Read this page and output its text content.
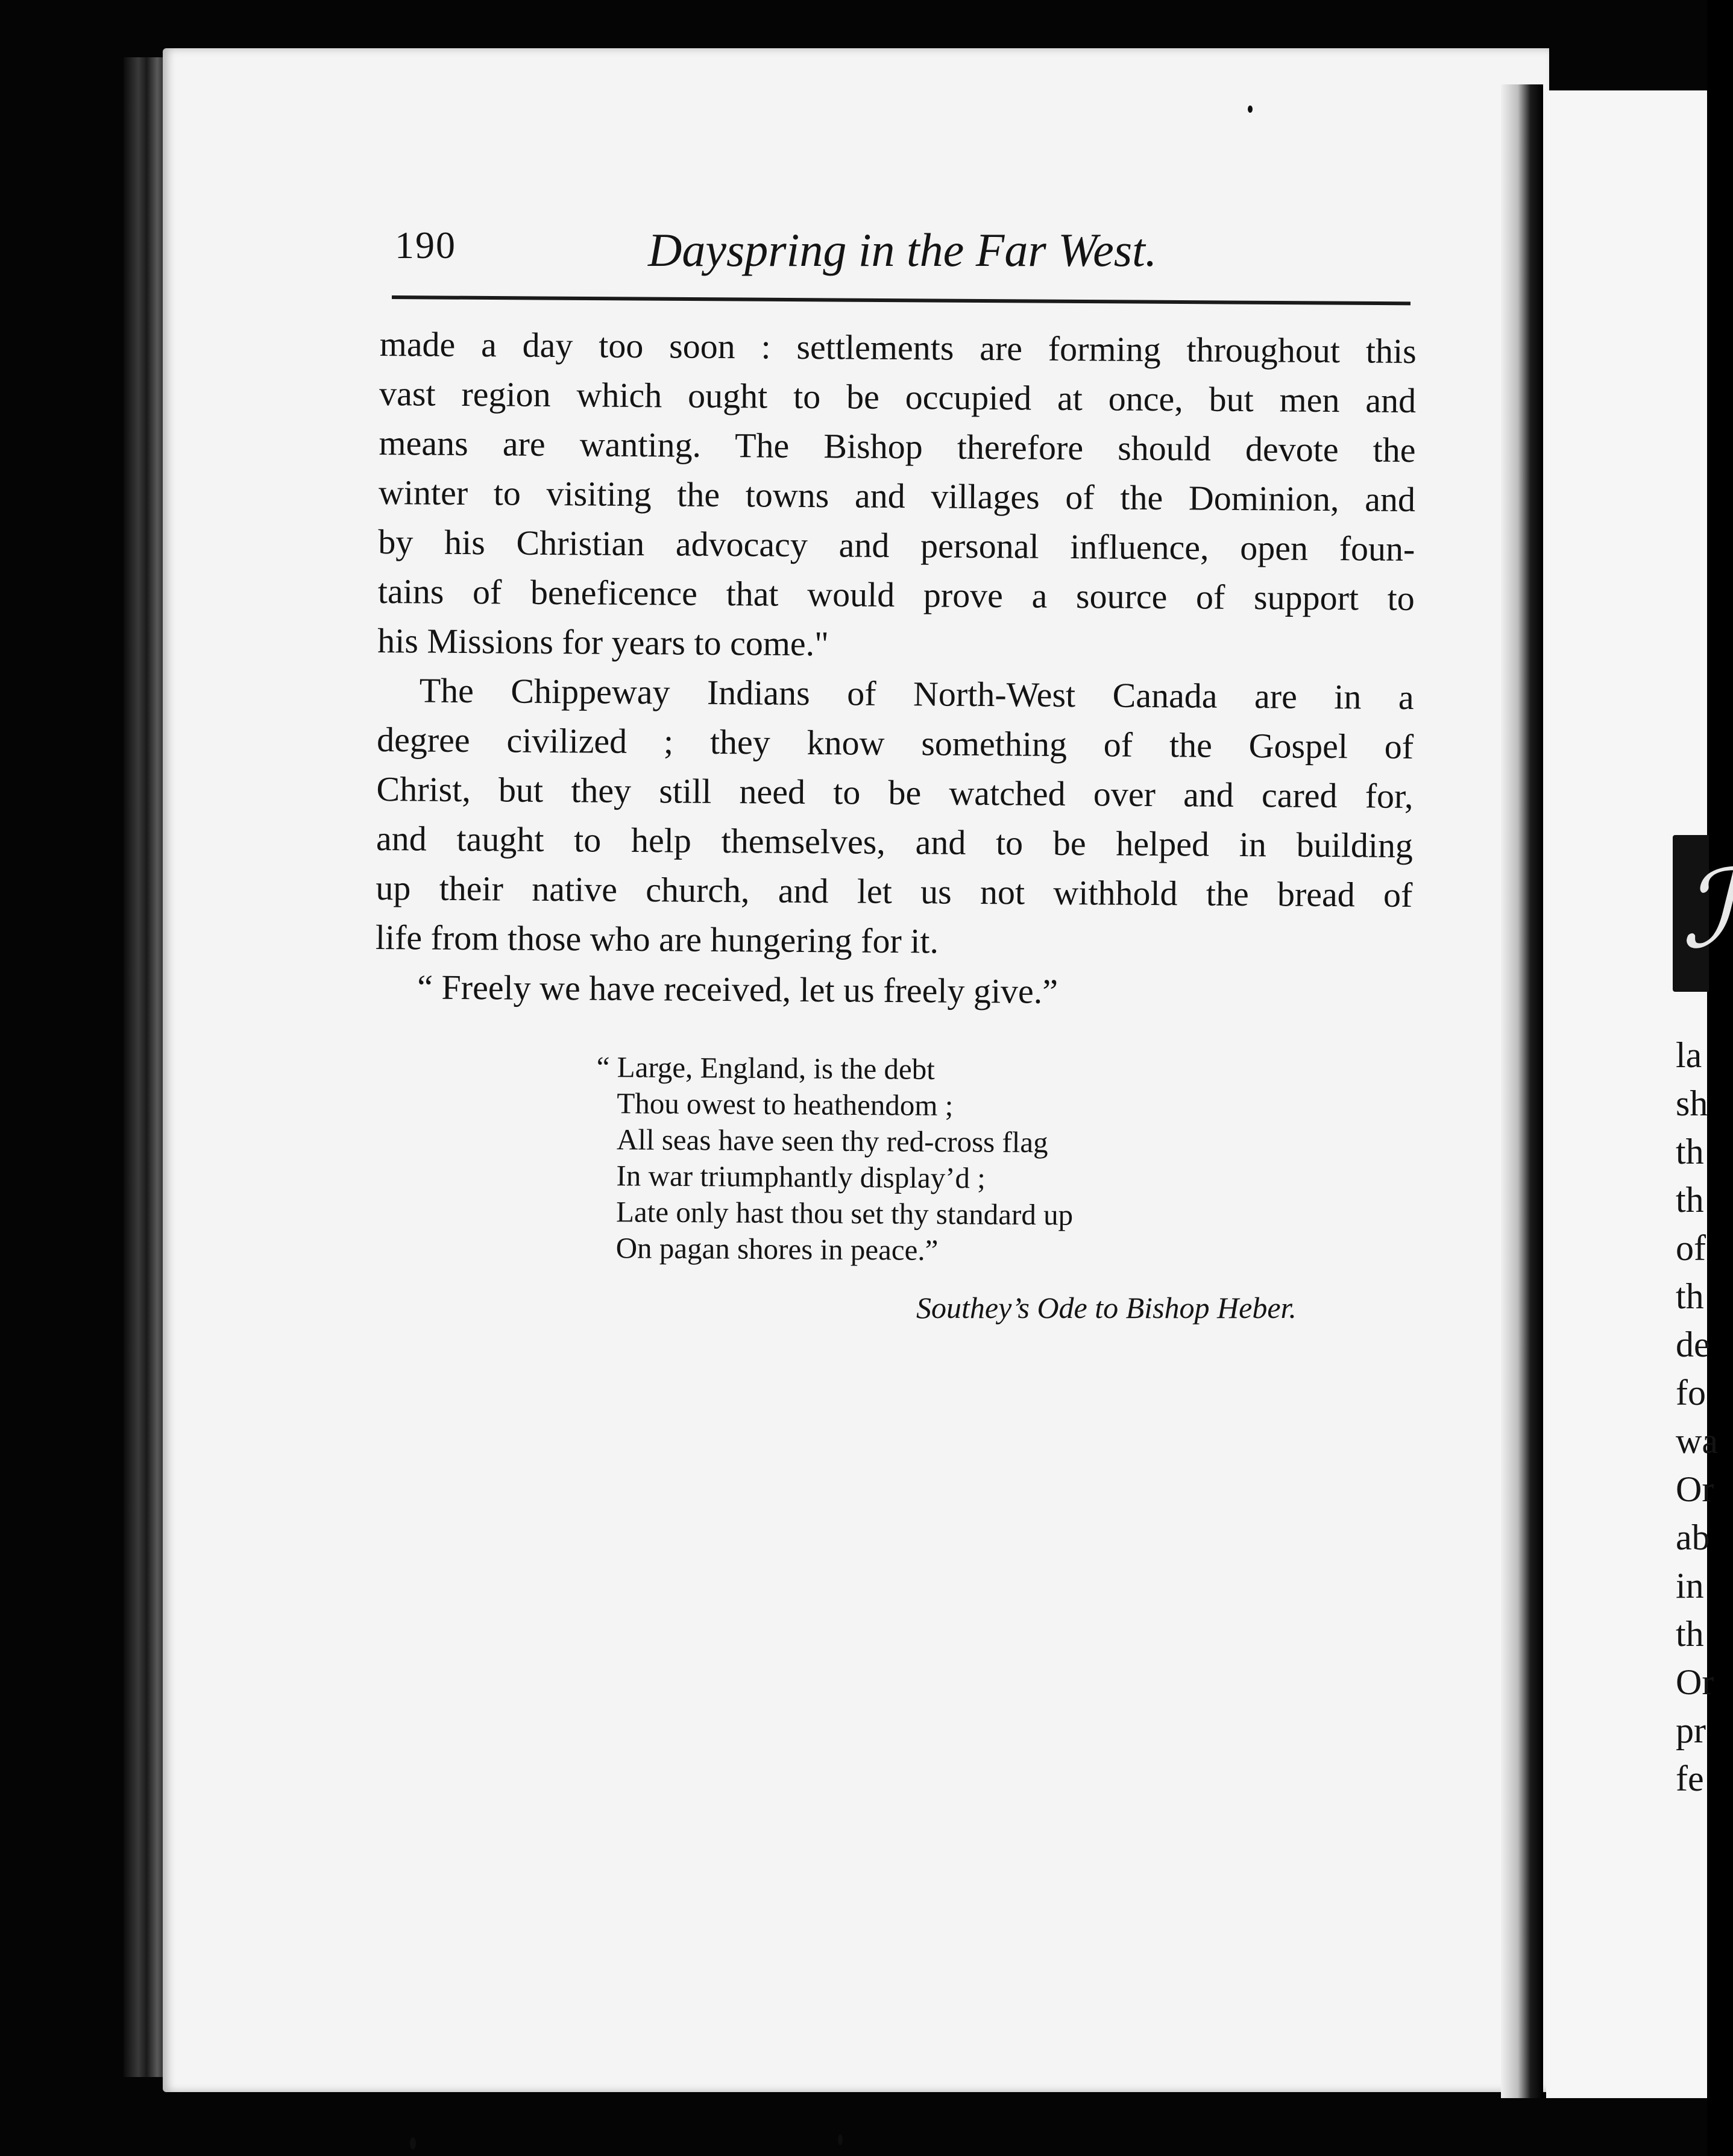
190	Dayspring in the Far West.
made a day too soon : settlements are forming throughout this
vast region which ought to be occupied at once, but men and
means are wanting. The Bishop therefore should devote the
winter to visiting the towns and villages of the Dominion, and
by his Christian advocacy and personal influence, open foun-
tains of beneficence that would prove a source of support to
his Missions for years to come."
The Chippeway Indians of North-West Canada are in a
degree civilized ; they know something of the Gospel of
Christ, but they still need to be watched over and cared for,
and taught to help themselves, and to be helped in building
up their native church, and let us not withhold the bread of
life from those who are hungering for it.
“ Freely we have received, let us freely give.”
“ Large, England, is the debt
Thou owest to heathendom ;
All seas have seen thy red-cross flag
In war triumphantly display’d ;
Late only hast thou set thy standard up
On pagan shores in peace.”
Southey’s Ode to Bishop Heber.
ℐ
la
sh
th
th
of
th
de
fo
wa
Or
ab
in
th
Or
pr
fe
